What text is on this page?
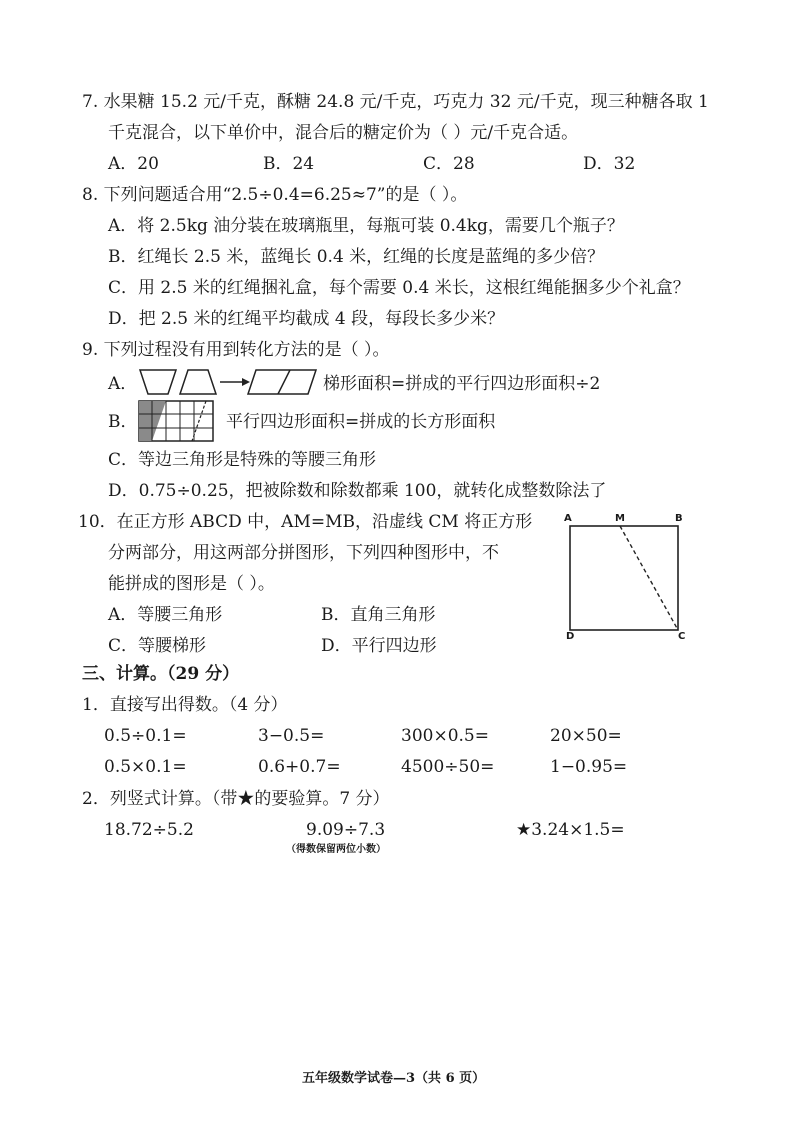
7. 水果糖 15.2 元/千克，酥糖 24.8 元/千克，巧克力 32 元/千克，现三种糖各取 1
千克混合，以下单价中，混合后的糖定价为（ ）元/千克合适。
A．20	B．24	C．28	D．32
8. 下列问题适合用“2.5÷0.4=6.25≈7”的是（ ）。
A．将 2.5kg 油分装在玻璃瓶里，每瓶可装 0.4kg，需要几个瓶子？
B．红绳长 2.5 米，蓝绳长 0.4 米，红绳的长度是蓝绳的多少倍？
C．用 2.5 米的红绳捆礼盒，每个需要 0.4 米长，这根红绳能捆多少个礼盒？
D．把 2.5 米的红绳平均截成 4 段，每段长多少米？
9. 下列过程没有用到转化方法的是（ ）。
A．	梯形面积=拼成的平行四边形面积÷2
B．	平行四边形面积=拼成的长方形面积
C．等边三角形是特殊的等腰三角形
D．0.75÷0.25，把被除数和除数都乘 100，就转化成整数除法了
10．在正方形 ABCD 中，AM=MB，沿虚线 CM 将正方形
分两部分，用这两部分拼图形，下列四种图形中，不
能拼成的图形是（ ）。
A．等腰三角形	B．直角三角形
C．等腰梯形	D．平行四边形
A	M	B
D	C
三、计算。（29 分）
1．直接写出得数。（4 分）
0.5÷0.1=	3−0.5=	300×0.5=	20×50=
0.5×0.1=	0.6+0.7=	4500÷50=	1−0.95=
2．列竖式计算。（带★的要验算。7 分）
18.72÷5.2	9.09÷7.3
（得数保留两位小数）
★3.24×1.5=
五年级数学试卷—3（共 6 页）
